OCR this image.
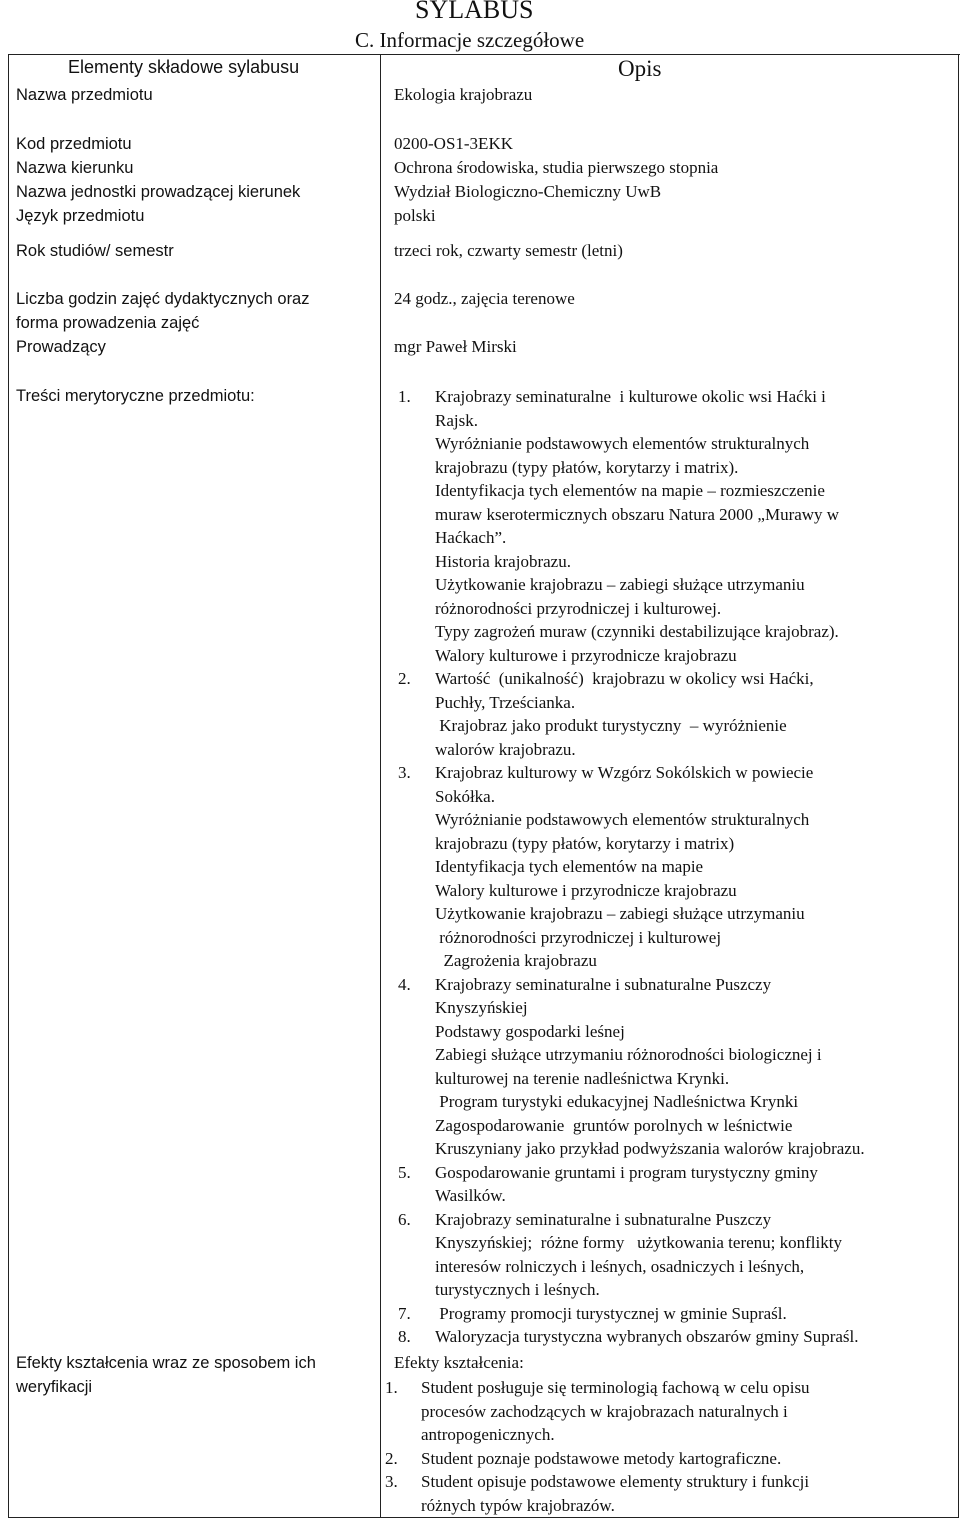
SYLABUS
C. Informacje szczegółowe
Elementy składowe sylabusu	Opis
Nazwa przedmiotu
Kod przedmiotu
Nazwa kierunku
Nazwa jednostki prowadzącej kierunek
Język przedmiotu
Rok studiów/ semestr
Liczba godzin zajęć dydaktycznych oraz
forma prowadzenia zajęć
Prowadzący
Treści merytoryczne przedmiotu:
Efekty kształcenia wraz ze sposobem ich
weryfikacji
Ekologia krajobrazu
0200-OS1-3EKK
Ochrona środowiska, studia pierwszego stopnia
Wydział Biologiczno-Chemiczny UwB
polski
trzeci rok, czwarty semestr (letni)
24 godz., zajęcia terenowe
mgr Paweł Mirski
1. Krajobrazy seminaturalne  i kulturowe okolic wsi Haćki i
Rajsk.
Wyróżnianie podstawowych elementów strukturalnych
krajobrazu (typy płatów, korytarzy i matrix).
Identyfikacja tych elementów na mapie – rozmieszczenie
muraw kserotermicznych obszaru Natura 2000 „Murawy w
Haćkach”.
Historia krajobrazu.
Użytkowanie krajobrazu – zabiegi służące utrzymaniu
różnorodności przyrodniczej i kulturowej.
Typy zagrożeń muraw (czynniki destabilizujące krajobraz).
Walory kulturowe i przyrodnicze krajobrazu
2. Wartość  (unikalność)  krajobrazu w okolicy wsi Haćki,
Puchły, Trześcianka.
Krajobraz jako produkt turystyczny  – wyróżnienie
walorów krajobrazu.
3. Krajobraz kulturowy w Wzgórz Sokólskich w powiecie
Sokółka.
Wyróżnianie podstawowych elementów strukturalnych
krajobrazu (typy płatów, korytarzy i matrix)
Identyfikacja tych elementów na mapie
Walory kulturowe i przyrodnicze krajobrazu
Użytkowanie krajobrazu – zabiegi służące utrzymaniu
różnorodności przyrodniczej i kulturowej
Zagrożenia krajobrazu
4. Krajobrazy seminaturalne i subnaturalne Puszczy
Knyszyńskiej
Podstawy gospodarki leśnej
Zabiegi służące utrzymaniu różnorodności biologicznej i
kulturowej na terenie nadleśnictwa Krynki.
Program turystyki edukacyjnej Nadleśnictwa Krynki
Zagospodarowanie  gruntów porolnych w leśnictwie
Kruszyniany jako przykład podwyższania walorów krajobrazu.
5. Gospodarowanie gruntami i program turystyczny gminy
Wasilków.
6. Krajobrazy seminaturalne i subnaturalne Puszczy
Knyszyńskiej;  różne formy   użytkowania terenu; konflikty
interesów rolniczych i leśnych, osadniczych i leśnych,
turystycznych i leśnych.
7. Programy promocji turystycznej w gminie Supraśl.
8. Waloryzacja turystyczna wybranych obszarów gminy Supraśl.
Efekty kształcenia:
1. Student posługuje się terminologią fachową w celu opisu
procesów zachodzących w krajobrazach naturalnych i
antropogenicznych.
2. Student poznaje podstawowe metody kartograficzne.
3. Student opisuje podstawowe elementy struktury i funkcji
różnych typów krajobrazów.
